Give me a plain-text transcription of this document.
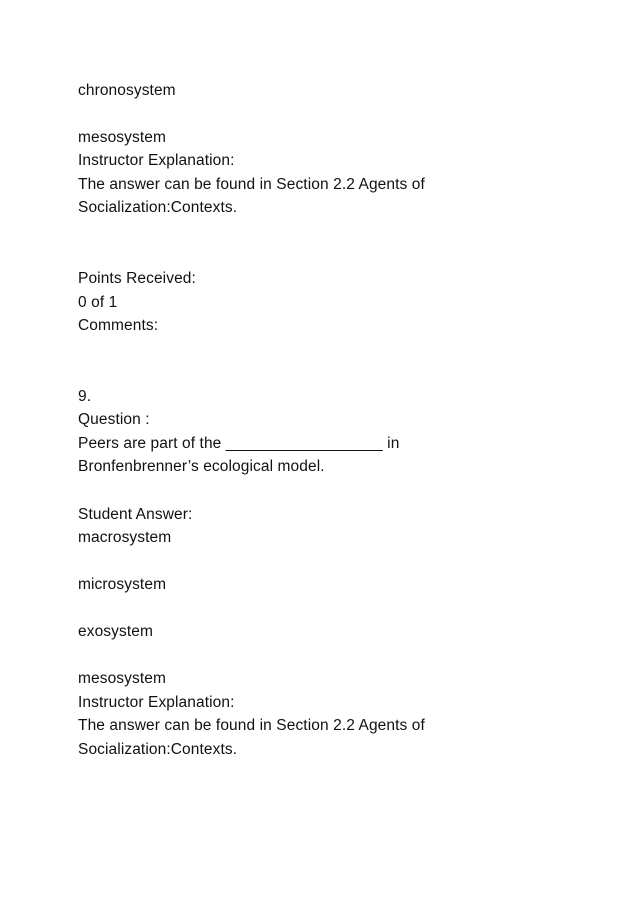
chronosystem
mesosystem
Instructor Explanation:
The answer can be found in Section 2.2 Agents of
Socialization:Contexts.
Points Received:
0 of 1
Comments:
9.
Question :
Peers are part of the __________________ in
Bronfenbrenner’s ecological model.
Student Answer:
macrosystem
microsystem
exosystem
mesosystem
Instructor Explanation:
The answer can be found in Section 2.2 Agents of
Socialization:Contexts.
